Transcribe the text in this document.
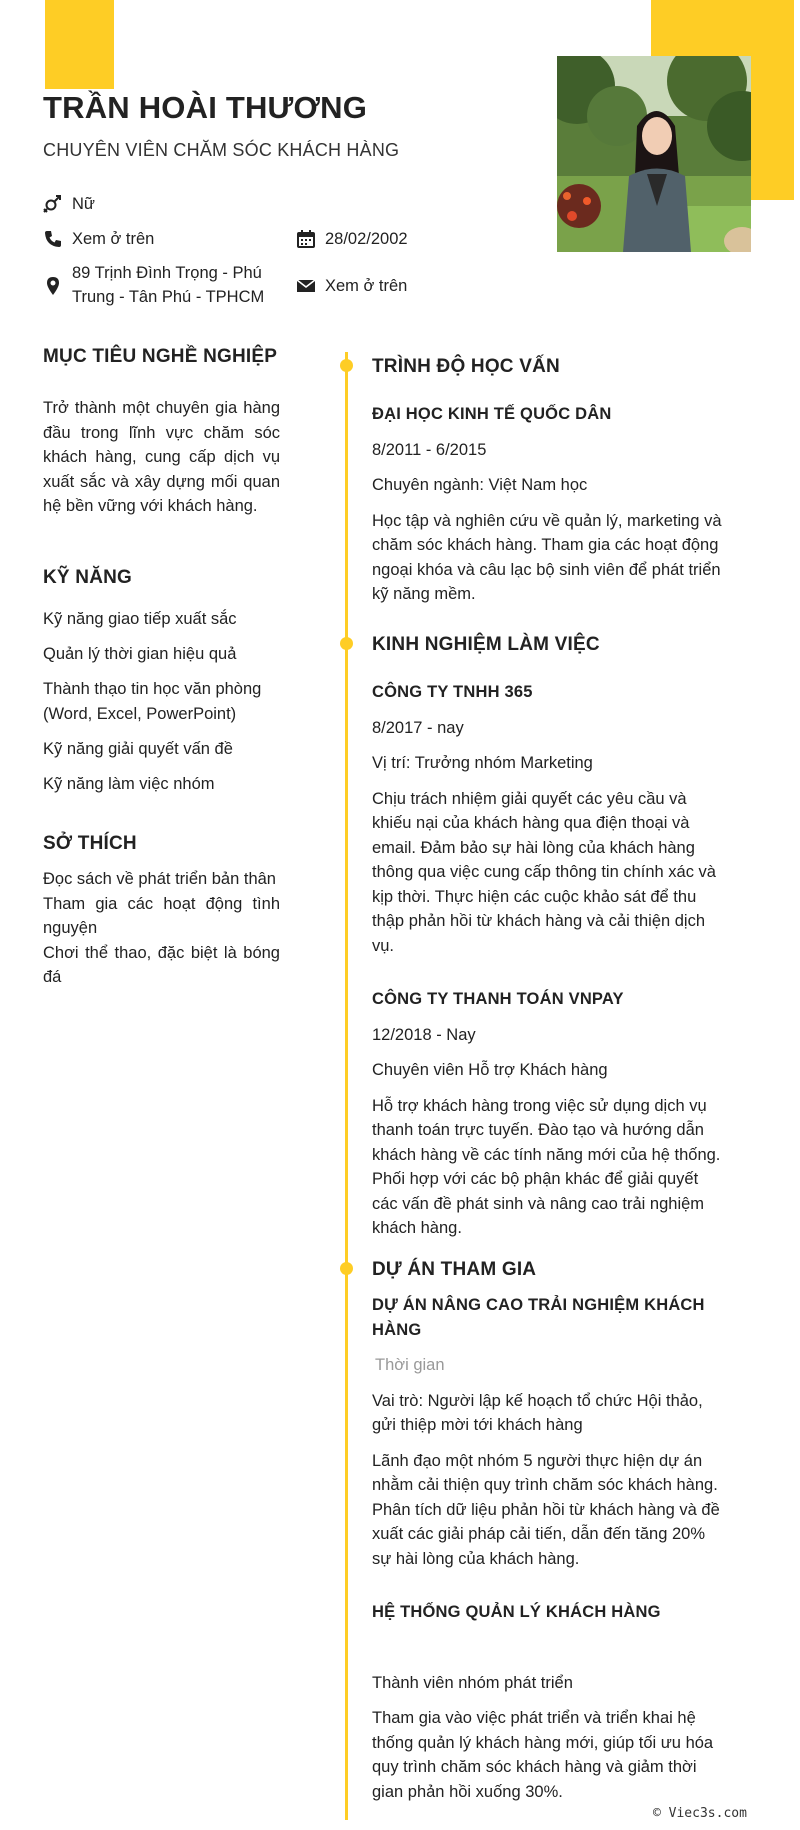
TRẦN HOÀI THƯƠNG
CHUYÊN VIÊN CHĂM SÓC KHÁCH HÀNG
Nữ
Xem ở trên	28/02/2002
89 Trịnh Đình Trọng - Phú
Trung - Tân Phú - TPHCM
Xem ở trên
MỤC TIÊU NGHỀ NGHIỆP
Trở thành một chuyên gia hàng đầu trong lĩnh vực chăm sóc khách hàng, cung cấp dịch vụ xuất sắc và xây dựng mối quan hệ bền vững với khách hàng.
KỸ NĂNG
Kỹ năng giao tiếp xuất sắc
Quản lý thời gian hiệu quả
Thành thạo tin học văn phòng (Word, Excel, PowerPoint)
Kỹ năng giải quyết vấn đề
Kỹ năng làm việc nhóm
SỞ THÍCH
Đọc sách về phát triển bản thân
Tham gia các hoạt động tình nguyện
Chơi thể thao, đặc biệt là bóng đá
TRÌNH ĐỘ HỌC VẤN
ĐẠI HỌC KINH TẾ QUỐC DÂN
8/2011 - 6/2015
Chuyên ngành: Việt Nam học
Học tập và nghiên cứu về quản lý, marketing và chăm sóc khách hàng. Tham gia các hoạt động ngoại khóa và câu lạc bộ sinh viên để phát triển kỹ năng mềm.
KINH NGHIỆM LÀM VIỆC
CÔNG TY TNHH 365
8/2017 - nay
Vị trí: Trưởng nhóm Marketing
Chịu trách nhiệm giải quyết các yêu cầu và khiếu nại của khách hàng qua điện thoại và email. Đảm bảo sự hài lòng của khách hàng thông qua việc cung cấp thông tin chính xác và kịp thời. Thực hiện các cuộc khảo sát để thu thập phản hồi từ khách hàng và cải thiện dịch vụ.
CÔNG TY THANH TOÁN VNPAY
12/2018 - Nay
Chuyên viên Hỗ trợ Khách hàng
Hỗ trợ khách hàng trong việc sử dụng dịch vụ thanh toán trực tuyến. Đào tạo và hướng dẫn khách hàng về các tính năng mới của hệ thống. Phối hợp với các bộ phận khác để giải quyết các vấn đề phát sinh và nâng cao trải nghiệm khách hàng.
DỰ ÁN THAM GIA
DỰ ÁN NÂNG CAO TRẢI NGHIỆM KHÁCH HÀNG
Thời gian
Vai trò: Người lập kế hoạch tổ chức Hội thảo, gửi thiệp mời tới khách hàng
Lãnh đạo một nhóm 5 người thực hiện dự án nhằm cải thiện quy trình chăm sóc khách hàng. Phân tích dữ liệu phản hồi từ khách hàng và đề xuất các giải pháp cải tiến, dẫn đến tăng 20% sự hài lòng của khách hàng.
HỆ THỐNG QUẢN LÝ KHÁCH HÀNG
Thành viên nhóm phát triển
Tham gia vào việc phát triển và triển khai hệ thống quản lý khách hàng mới, giúp tối ưu hóa quy trình chăm sóc khách hàng và giảm thời gian phản hồi xuống 30%.
© Viec3s.com
